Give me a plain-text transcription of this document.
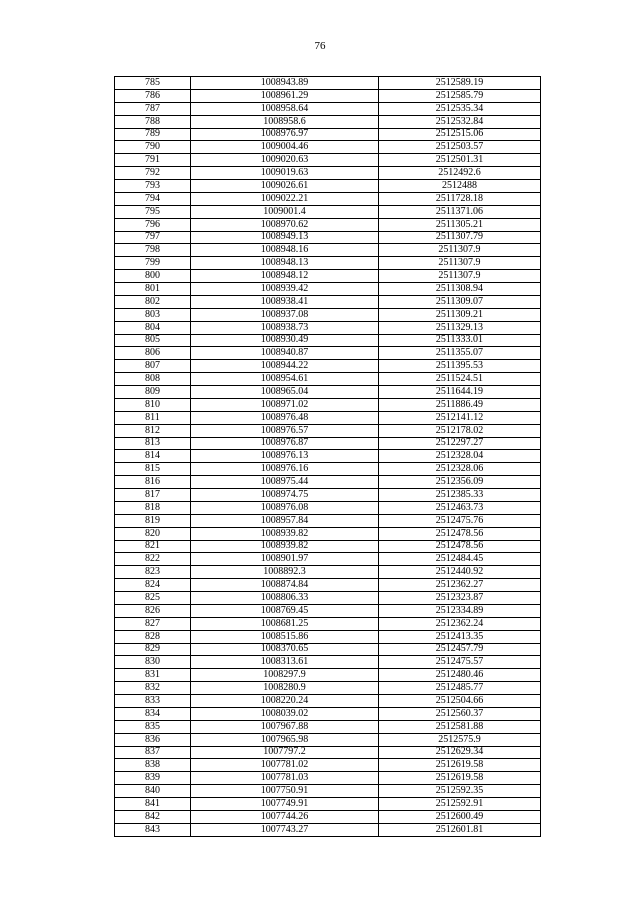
76
785	1008943.89	2512589.19
786	1008961.29	2512585.79
787	1008958.64	2512535.34
788	1008958.6	2512532.84
789	1008976.97	2512515.06
790	1009004.46	2512503.57
791	1009020.63	2512501.31
792	1009019.63	2512492.6
793	1009026.61	2512488
794	1009022.21	2511728.18
795	1009001.4	2511371.06
796	1008970.62	2511305.21
797	1008949.13	2511307.79
798	1008948.16	2511307.9
799	1008948.13	2511307.9
800	1008948.12	2511307.9
801	1008939.42	2511308.94
802	1008938.41	2511309.07
803	1008937.08	2511309.21
804	1008938.73	2511329.13
805	1008930.49	2511333.01
806	1008940.87	2511355.07
807	1008944.22	2511395.53
808	1008954.61	2511524.51
809	1008965.04	2511644.19
810	1008971.02	2511886.49
811	1008976.48	2512141.12
812	1008976.57	2512178.02
813	1008976.87	2512297.27
814	1008976.13	2512328.04
815	1008976.16	2512328.06
816	1008975.44	2512356.09
817	1008974.75	2512385.33
818	1008976.08	2512463.73
819	1008957.84	2512475.76
820	1008939.82	2512478.56
821	1008939.82	2512478.56
822	1008901.97	2512484.45
823	1008892.3	2512440.92
824	1008874.84	2512362.27
825	1008806.33	2512323.87
826	1008769.45	2512334.89
827	1008681.25	2512362.24
828	1008515.86	2512413.35
829	1008370.65	2512457.79
830	1008313.61	2512475.57
831	1008297.9	2512480.46
832	1008280.9	2512485.77
833	1008220.24	2512504.66
834	1008039.02	2512560.37
835	1007967.88	2512581.88
836	1007965.98	2512575.9
837	1007797.2	2512629.34
838	1007781.02	2512619.58
839	1007781.03	2512619.58
840	1007750.91	2512592.35
841	1007749.91	2512592.91
842	1007744.26	2512600.49
843	1007743.27	2512601.81
